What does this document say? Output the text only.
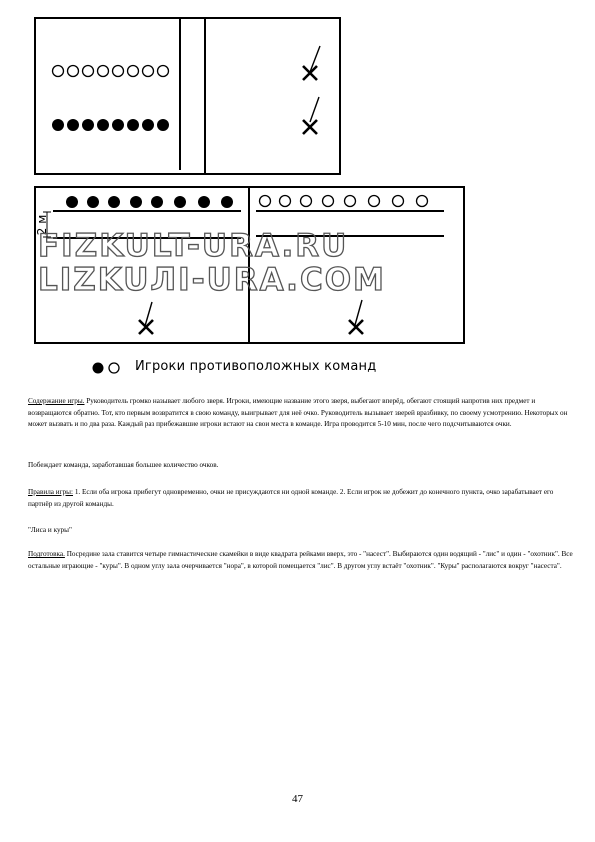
2 м
FIZKULT-URA.RU
LIZKUЛI-URA.COM
Игроки противоположных команд
Содержание игры. Руководитель громко называет любого зверя. Игроки, имеющие название этого зверя, выбегают вперёд, обегают стоящий напротив них предмет и возвращаются обратно. Тот, кто первым возвратится в свою команду, выигрывает для неё очко. Руководитель вызывает зверей вразбивку, по своему усмотрению. Некоторых он может вызвать и по два раза. Каждый раз прибежавшие игроки встают на свои места в команде. Игра проводится 5-10 мин, после чего подсчитываются очки.
Побеждает команда, заработавшая большее количество очков.
Правила игры: 1. Если оба игрока прибегут одновременно, очки не присуждаются ни одной команде. 2. Если игрок не добежит до конечного пункта, очко зарабатывает его партнёр из другой команды.
"Лиса и куры"
Подготовка. Посредине зала ставится четыре гимнастические скамейки в виде квадрата рейками вверх, это - "насест". Выбираются один водящий - "лис" и один - "охотник". Все остальные играющие - "куры". В одном углу зала очерчивается "нора", в которой помещается "лис". В другом углу встаёт "охотник". "Куры" располагаются вокруг "насеста".
47
